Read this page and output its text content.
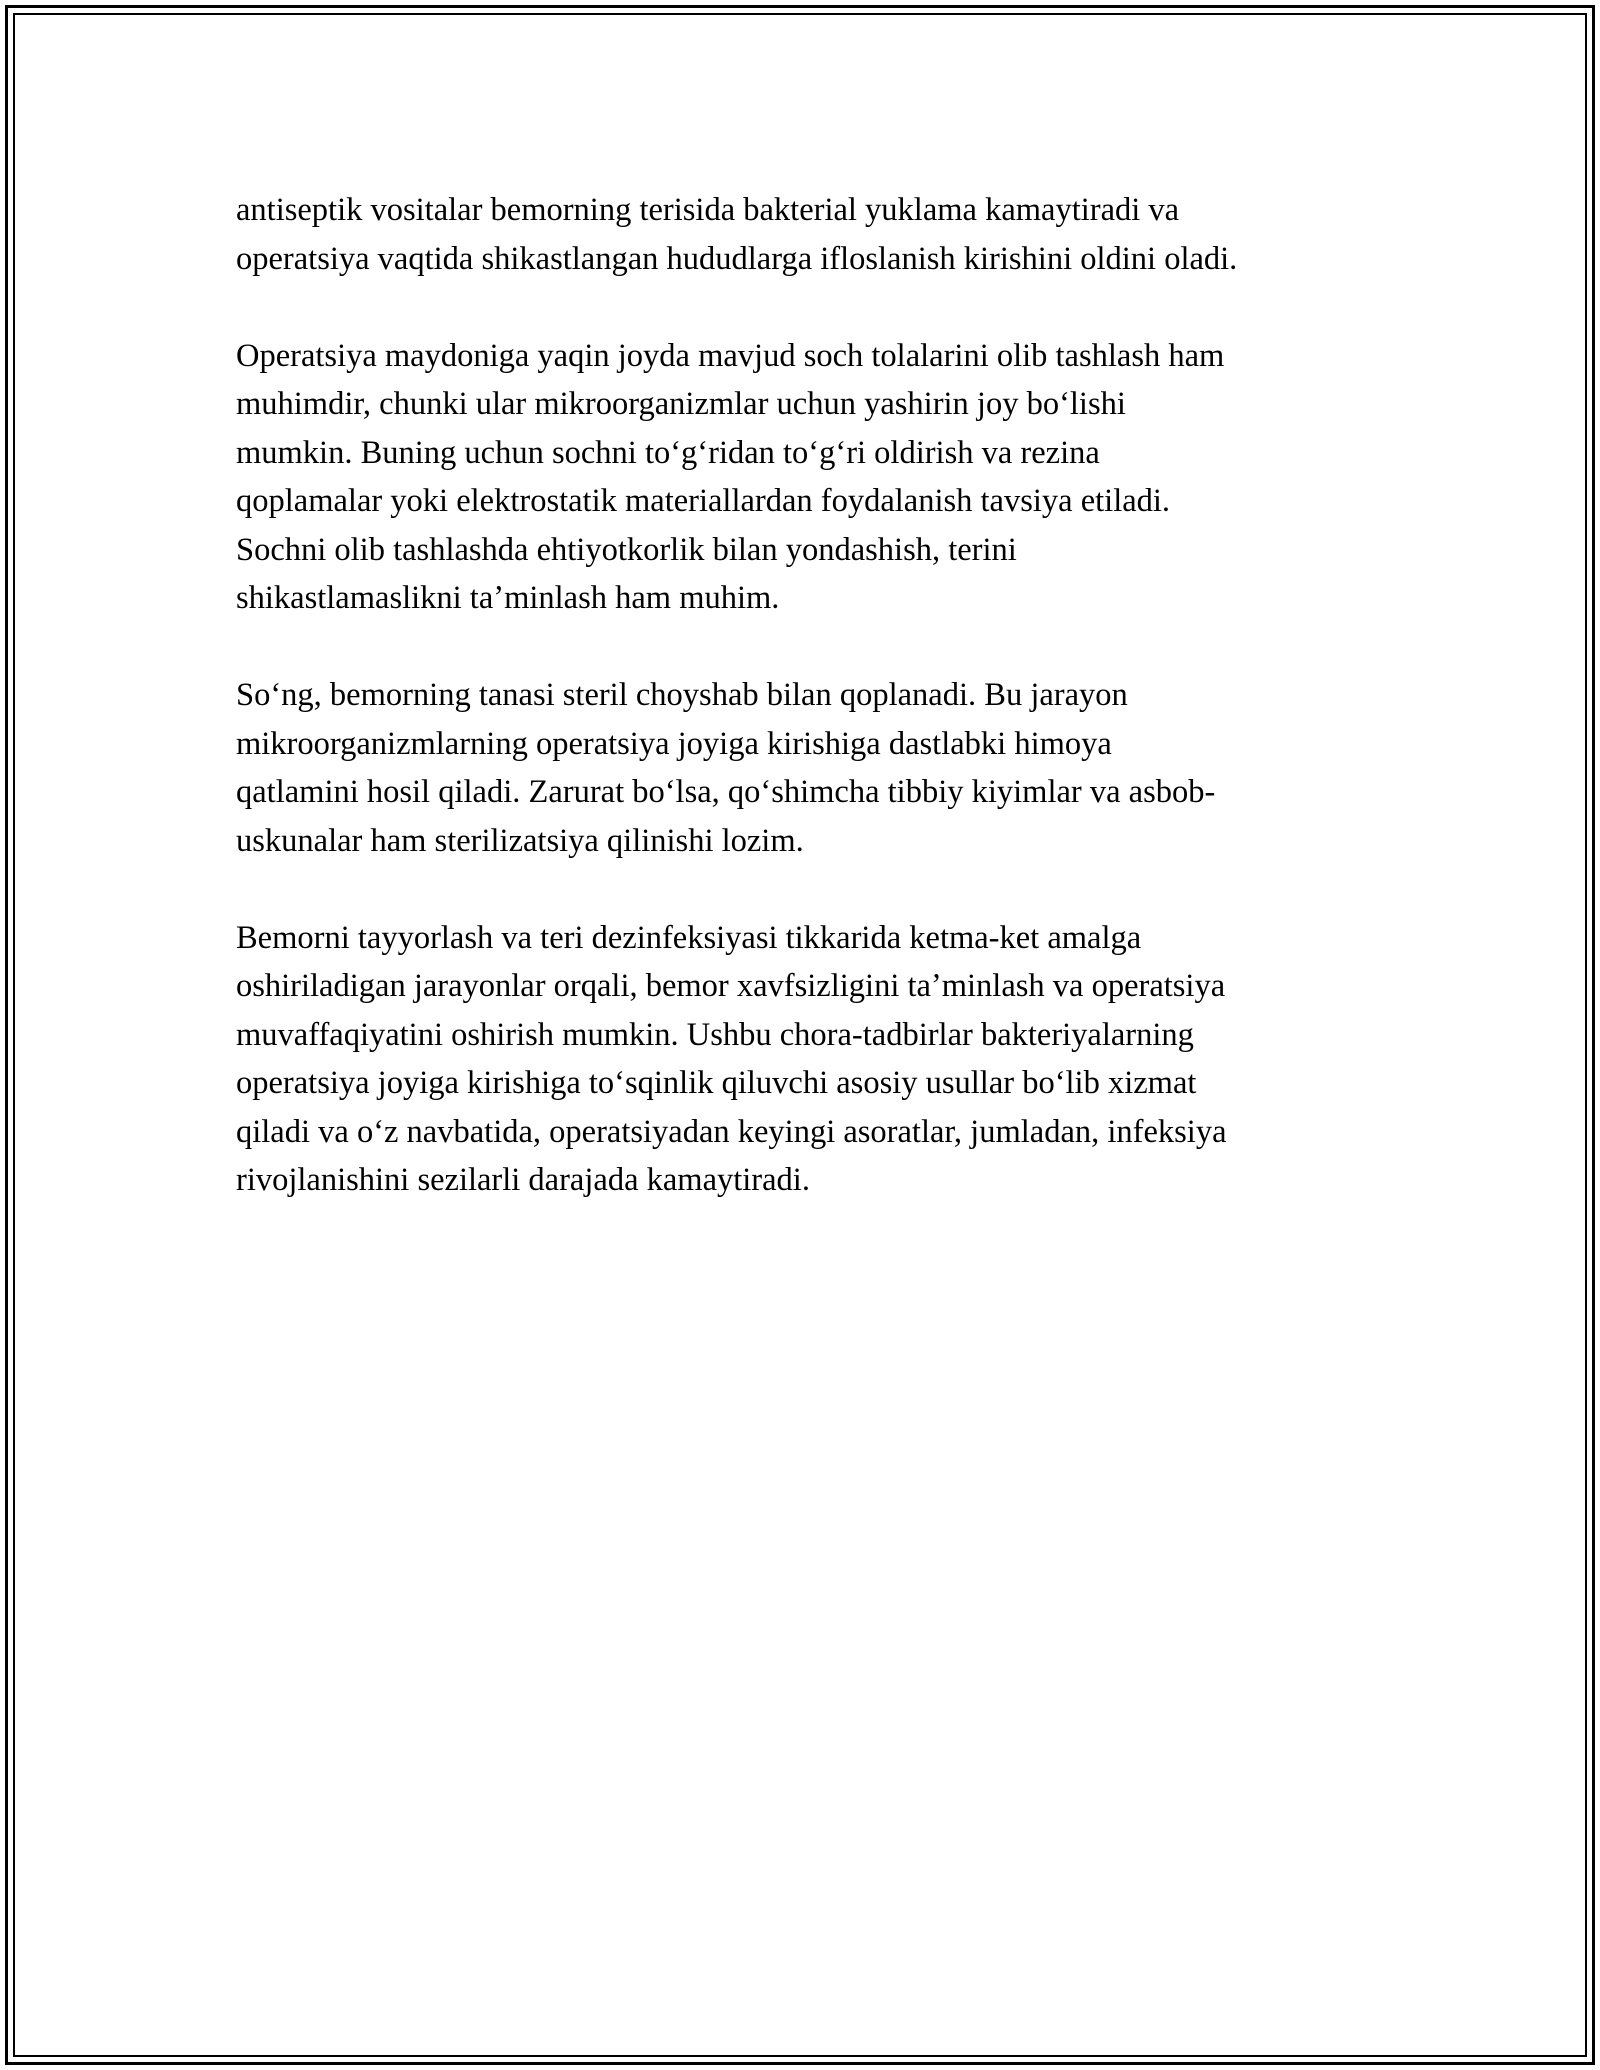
antiseptik vositalar bemorning terisida bakterial yuklama kamaytiradi va
operatsiya vaqtida shikastlangan hududlarga ifloslanish kirishini oldini oladi.

Operatsiya maydoniga yaqin joyda mavjud soch tolalarini olib tashlash ham
muhimdir, chunki ular mikroorganizmlar uchun yashirin joy boʻlishi
mumkin. Buning uchun sochni toʻgʻridan toʻgʻri oldirish va rezina
qoplamalar yoki elektrostatik materiallardan foydalanish tavsiya etiladi.
Sochni olib tashlashda ehtiyotkorlik bilan yondashish, terini
shikastlamaslikni taʼminlash ham muhim.

Soʻng, bemorning tanasi steril choyshab bilan qoplanadi. Bu jarayon
mikroorganizmlarning operatsiya joyiga kirishiga dastlabki himoya
qatlamini hosil qiladi. Zarurat boʻlsa, qoʻshimcha tibbiy kiyimlar va asbob-
uskunalar ham sterilizatsiya qilinishi lozim.

Bemorni tayyorlash va teri dezinfeksiyasi tikkarida ketma-ket amalga
oshiriladigan jarayonlar orqali, bemor xavfsizligini taʼminlash va operatsiya
muvaffaqiyatini oshirish mumkin. Ushbu chora-tadbirlar bakteriyalarning
operatsiya joyiga kirishiga toʻsqinlik qiluvchi asosiy usullar boʻlib xizmat
qiladi va oʻz navbatida, operatsiyadan keyingi asoratlar, jumladan, infeksiya
rivojlanishini sezilarli darajada kamaytiradi.
